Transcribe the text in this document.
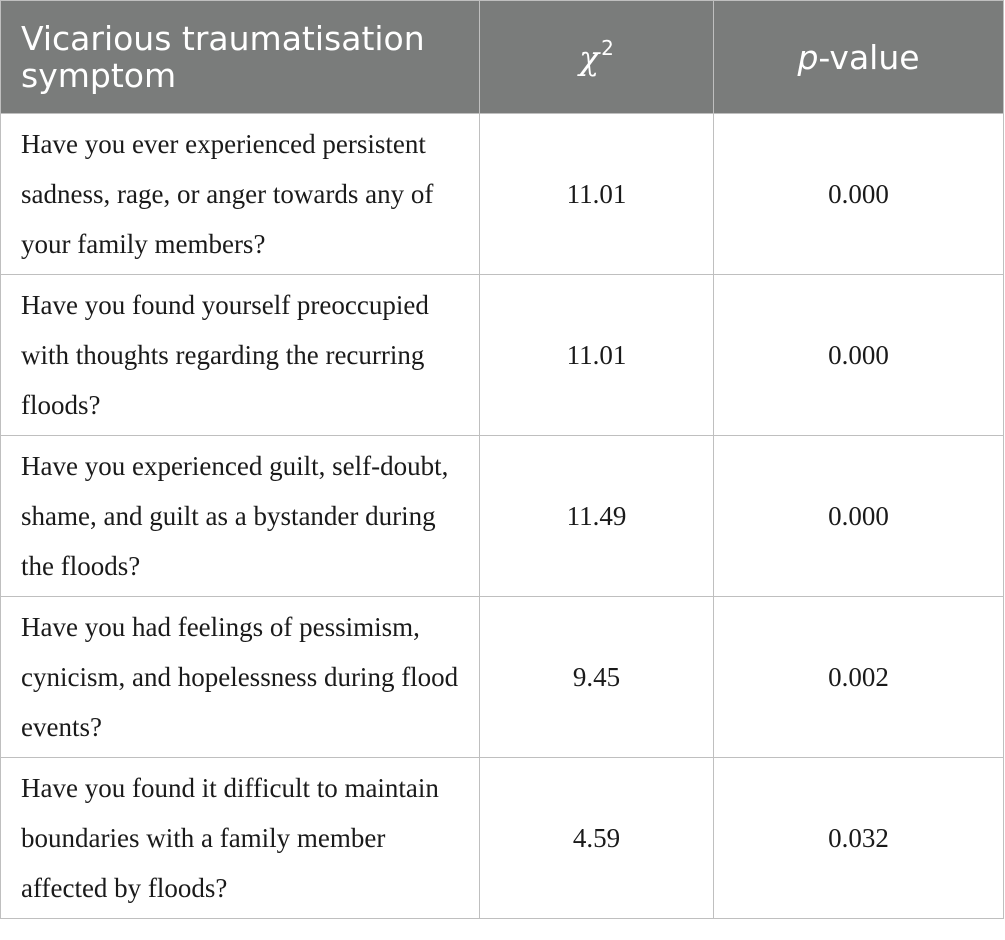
Vicarious traumatisation symptom	χ $^2$	p-value
Have you ever experienced persistent sadness, rage, or anger towards any of your family members?	11.01	0.000
Have you found yourself preoccupied with thoughts regarding the recurring floods?	11.01	0.000
Have you experienced guilt, self-doubt, shame, and guilt as a bystander during the floods?	11.49	0.000
Have you had feelings of pessimism, cynicism, and hopelessness during flood events?	9.45	0.002
Have you found it difficult to maintain boundaries with a family member affected by floods?	4.59	0.032
